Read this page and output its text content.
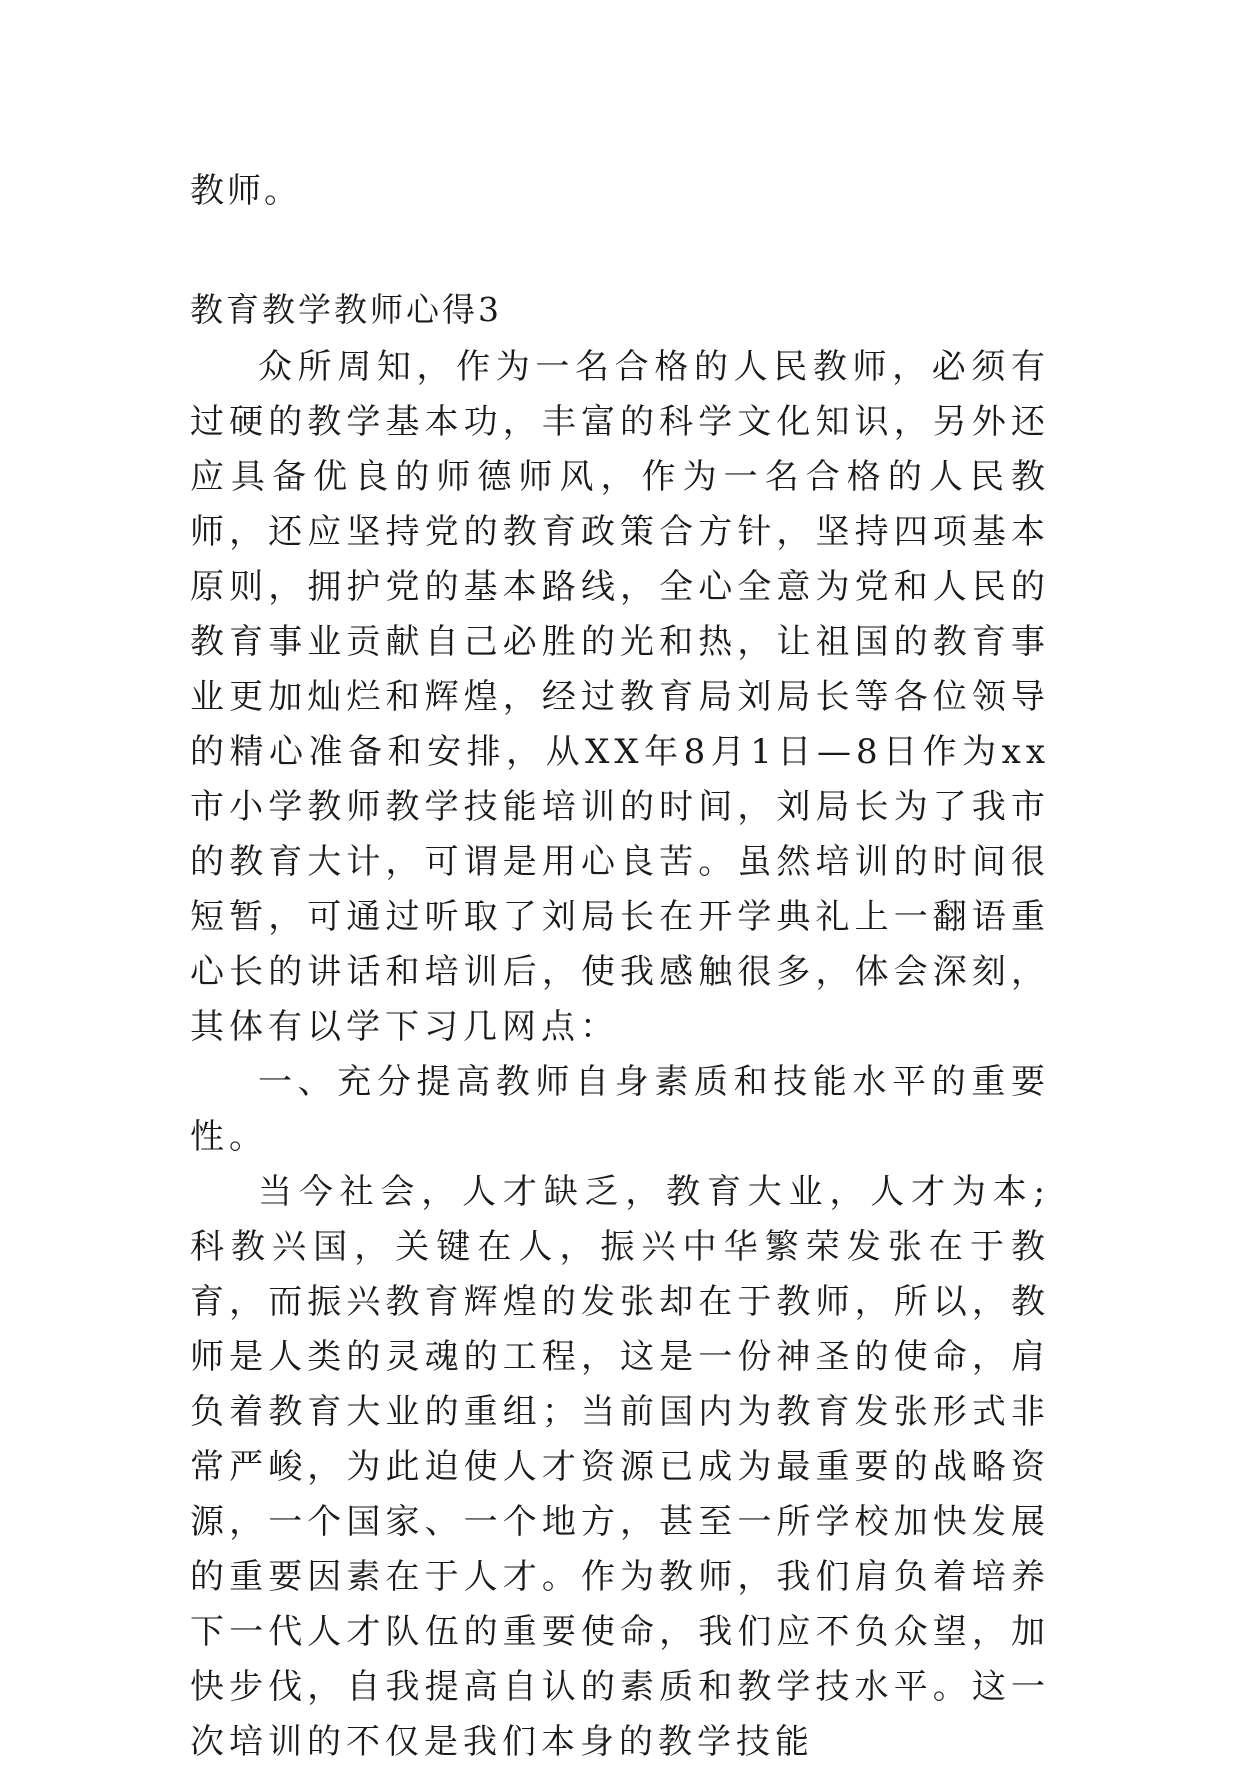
教师。
教育教学教师心得3

众所周知，作为一名合格的人民教师，必须有过硬的教学基本功，丰富的科学文化知识，另外还应具备优良的师德师风，作为一名合格的人民教师，还应坚持党的教育政策合方针，坚持四项基本原则，拥护党的基本路线，全心全意为党和人民的教育事业贡献自己必胜的光和热，让祖国的教育事业更加灿烂和辉煌，经过教育局刘局长等各位领导的精心准备和安排，从XX年8月1日—8日作为xx市小学教师教学技能培训的时间，刘局长为了我市的教育大计，可谓是用心良苦。虽然培训的时间很短暂，可通过听取了刘局长在开学典礼上一翻语重心长的讲话和培训后，使我感触很多，体会深刻，其体有以学下习几网点：

一、充分提高教师自身素质和技能水平的重要性。

当今社会，人才缺乏，教育大业，人才为本;科教兴国，关键在人，振兴中华繁荣发张在于教育，而振兴教育辉煌的发张却在于教师，所以，教师是人类的灵魂的工程，这是一份神圣的使命，肩负着教育大业的重组；当前国内为教育发张形式非常严峻，为此迫使人才资源已成为最重要的战略资源，一个国家、一个地方，甚至一所学校加快发展的重要因素在于人才。作为教师，我们肩负着培养下一代人才队伍的重要使命，我们应不负众望，加快步伐，自我提高自认的素质和教学技水平。这一次培训的不仅是我们本身的教学技能
